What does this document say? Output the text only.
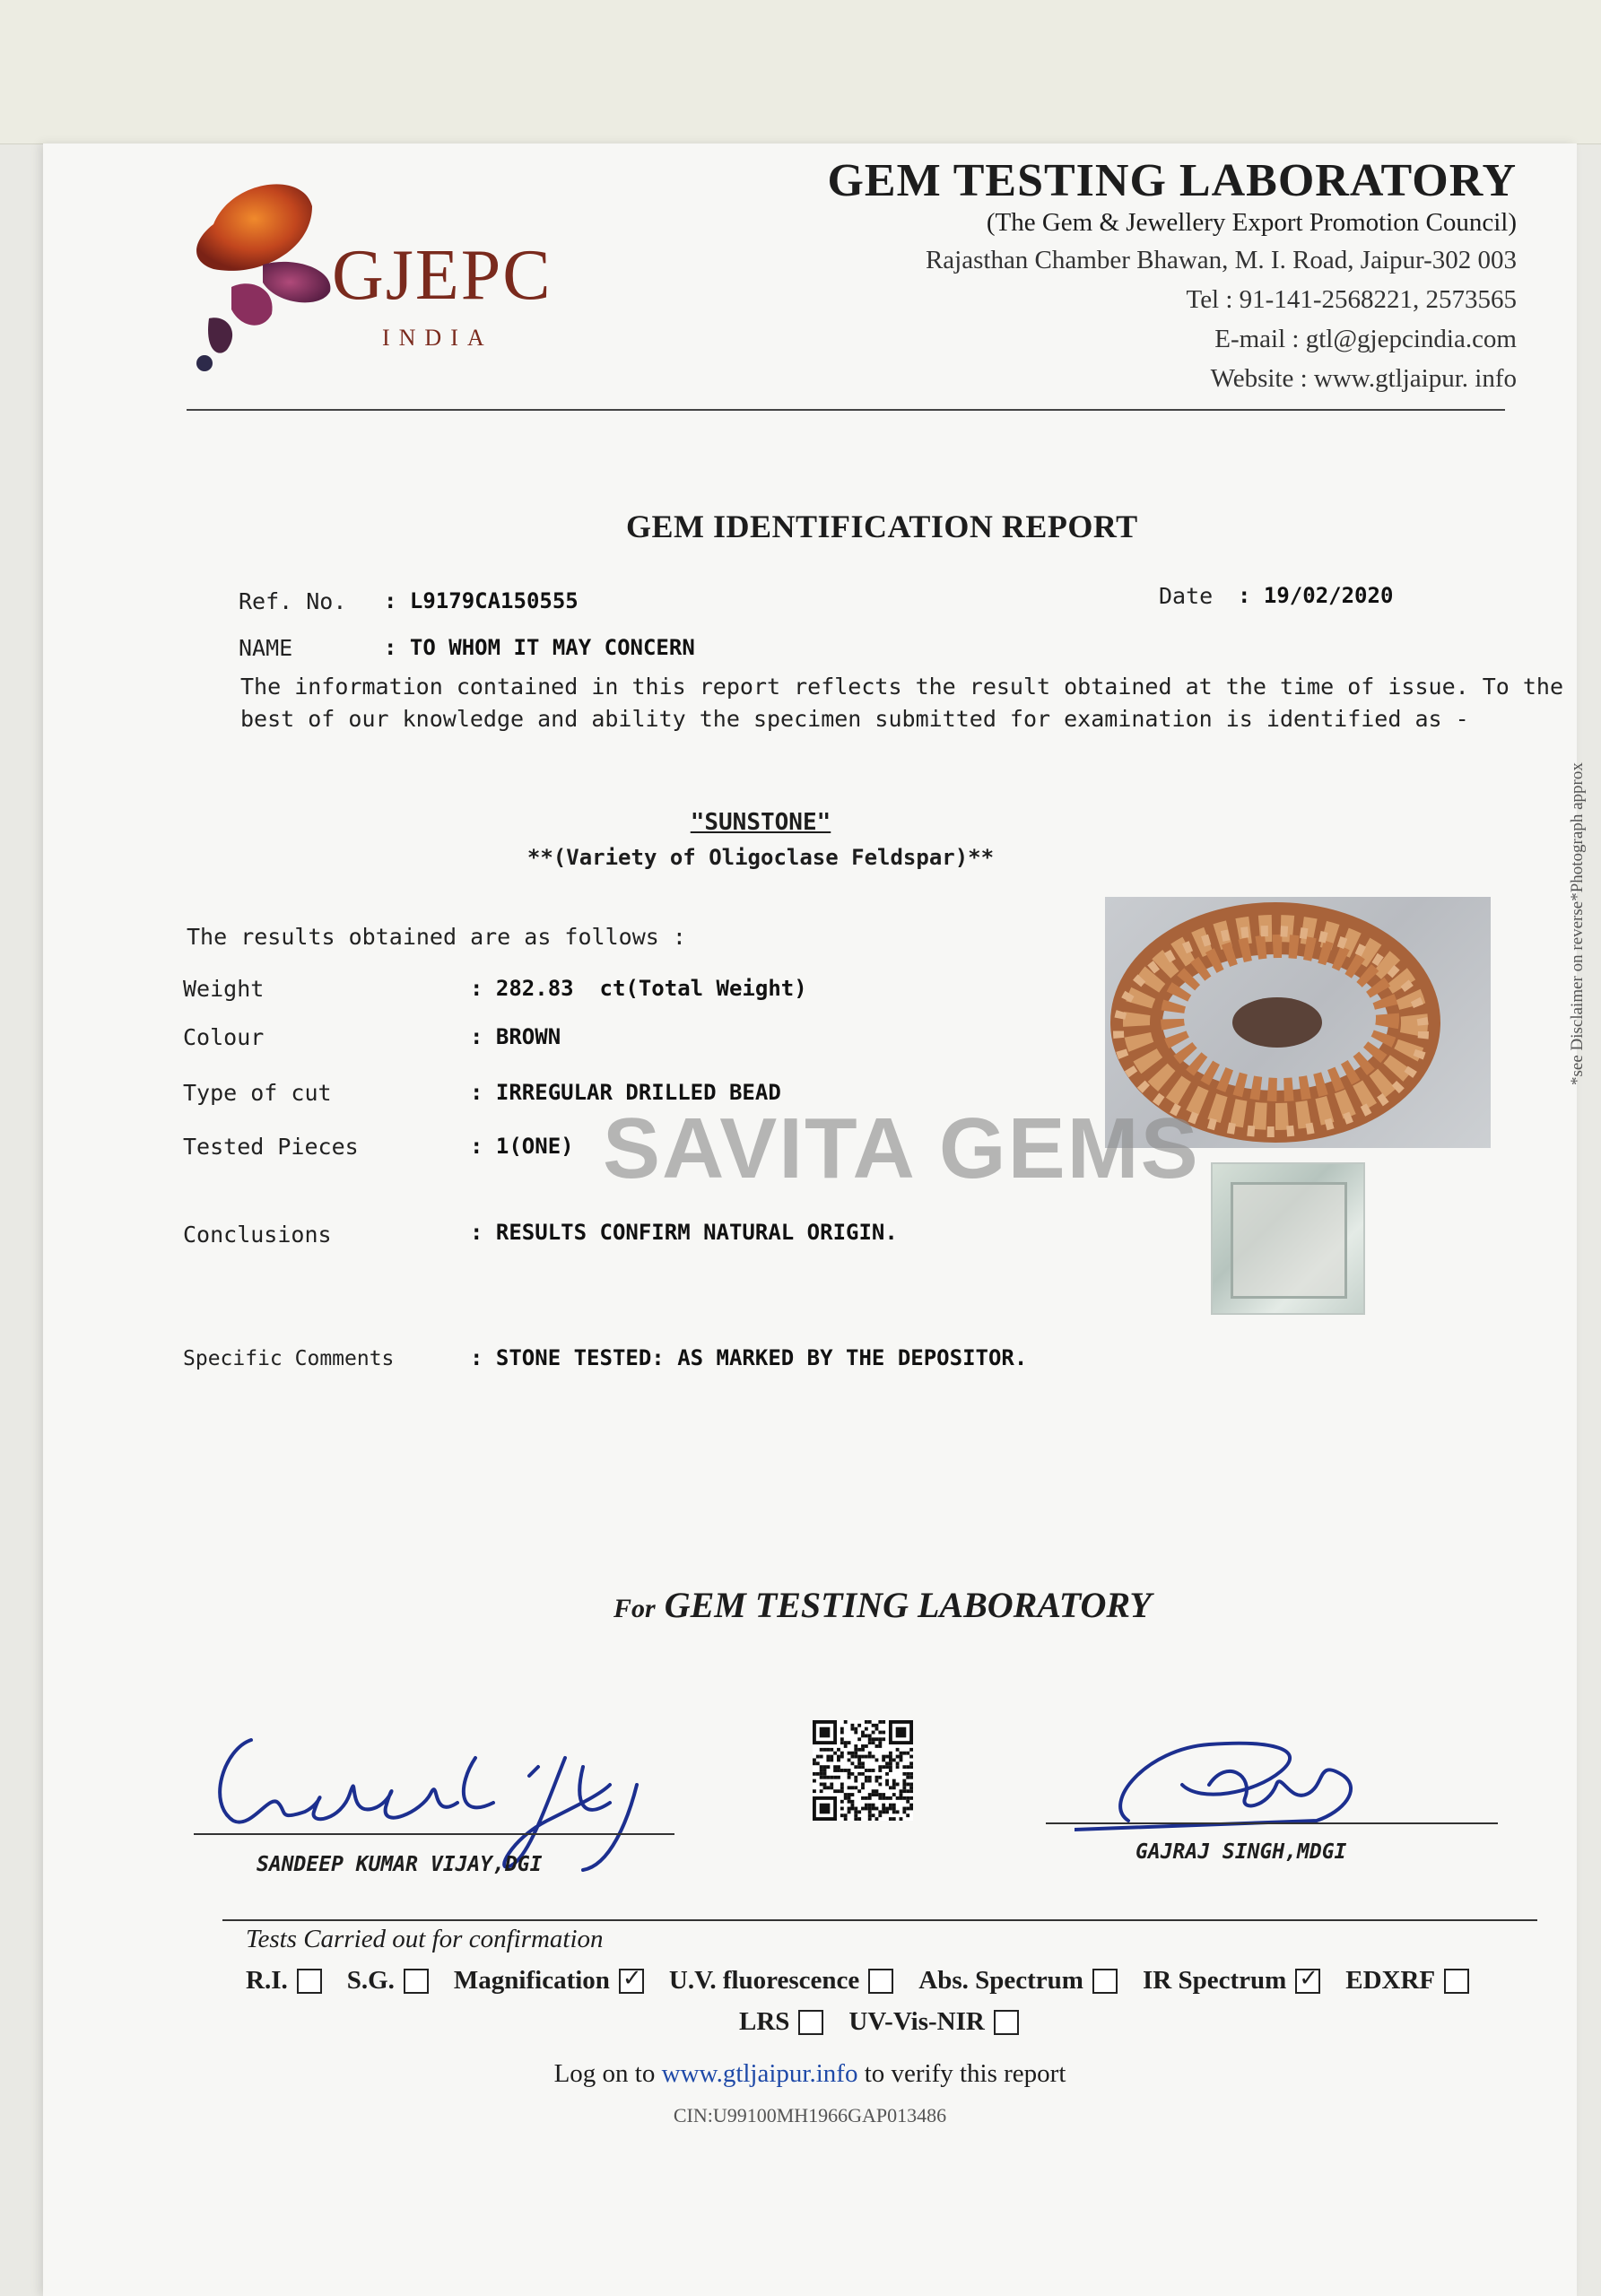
GJEPC
INDIA
GEM TESTING LABORATORY
(The Gem & Jewellery Export Promotion Council)
Rajasthan Chamber Bhawan, M. I. Road, Jaipur-302 003
Tel : 91-141-2568221, 2573565
E-mail : gtl@gjepcindia.com
Website : www.gtljaipur. info
GEM IDENTIFICATION REPORT
Ref. No. : L9179CA150555	Date : 19/02/2020
NAME	: TO WHOM IT MAY CONCERN
The information contained in this report reflects the result obtained at the time of issue. To the best of our knowledge and ability the specimen submitted for examination is identified as -
"SUNSTONE"
**(Variety of Oligoclase Feldspar)**
The results obtained are as follows :
Weight	: 282.83  ct(Total Weight)
Colour	: BROWN
Type of cut	: IRREGULAR DRILLED BEAD
Tested Pieces	: 1(ONE)
Conclusions	: RESULTS CONFIRM NATURAL ORIGIN.
Specific Comments	: STONE TESTED: AS MARKED BY THE DEPOSITOR.
SAVITA GEMS
*see Disclaimer on reverse*Photograph approx
For GEM TESTING LABORATORY
SANDEEP KUMAR VIJAY,DGI
GAJRAJ SINGH,MDGI
Tests Carried out for confirmation
R.I. S.G. Magnification ✓ U.V. fluorescence Abs. Spectrum IR Spectrum ✓ EDXRF
LRS UV-Vis-NIR
Log on to www.gtljaipur.info to verify this report
CIN:U99100MH1966GAP013486
